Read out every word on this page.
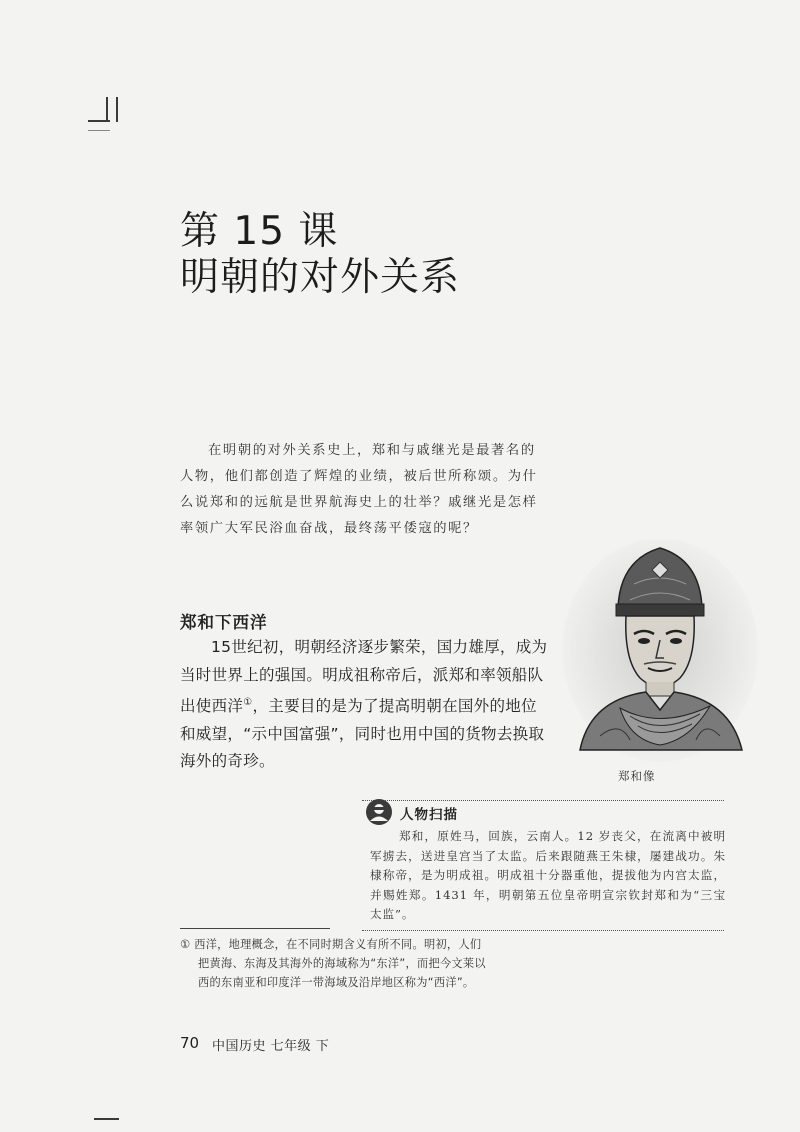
第 15 课
明朝的对外关系

在明朝的对外关系史上，郑和与戚继光是最著名的人物，他们都创造了辉煌的业绩，被后世所称颂。为什么说郑和的远航是世界航海史上的壮举？戚继光是怎样率领广大军民浴血奋战，最终荡平倭寇的呢？

郑和下西洋

15世纪初，明朝经济逐步繁荣，国力雄厚，成为当时世界上的强国。明成祖称帝后，派郑和率领船队出使西洋①，主要目的是为了提高明朝在国外的地位和威望，“示中国富强”，同时也用中国的货物去换取海外的奇珍。

郑和像
人物扫描

郑和，原姓马，回族，云南人。12 岁丧父，在流离中被明军掳去，送进皇宫当了太监。后来跟随燕王朱棣，屡建战功。朱棣称帝，是为明成祖。明成祖十分器重他，提拔他为内宫太监，并赐姓郑。1431 年，明朝第五位皇帝明宣宗钦封郑和为“三宝太监”。

① 西洋，地理概念，在不同时期含义有所不同。明初，人们把黄海、东海及其海外的海域称为“东洋”，而把今文莱以西的东南亚和印度洋一带海域及沿岸地区称为“西洋”。

70 中国历史 七年级 下
